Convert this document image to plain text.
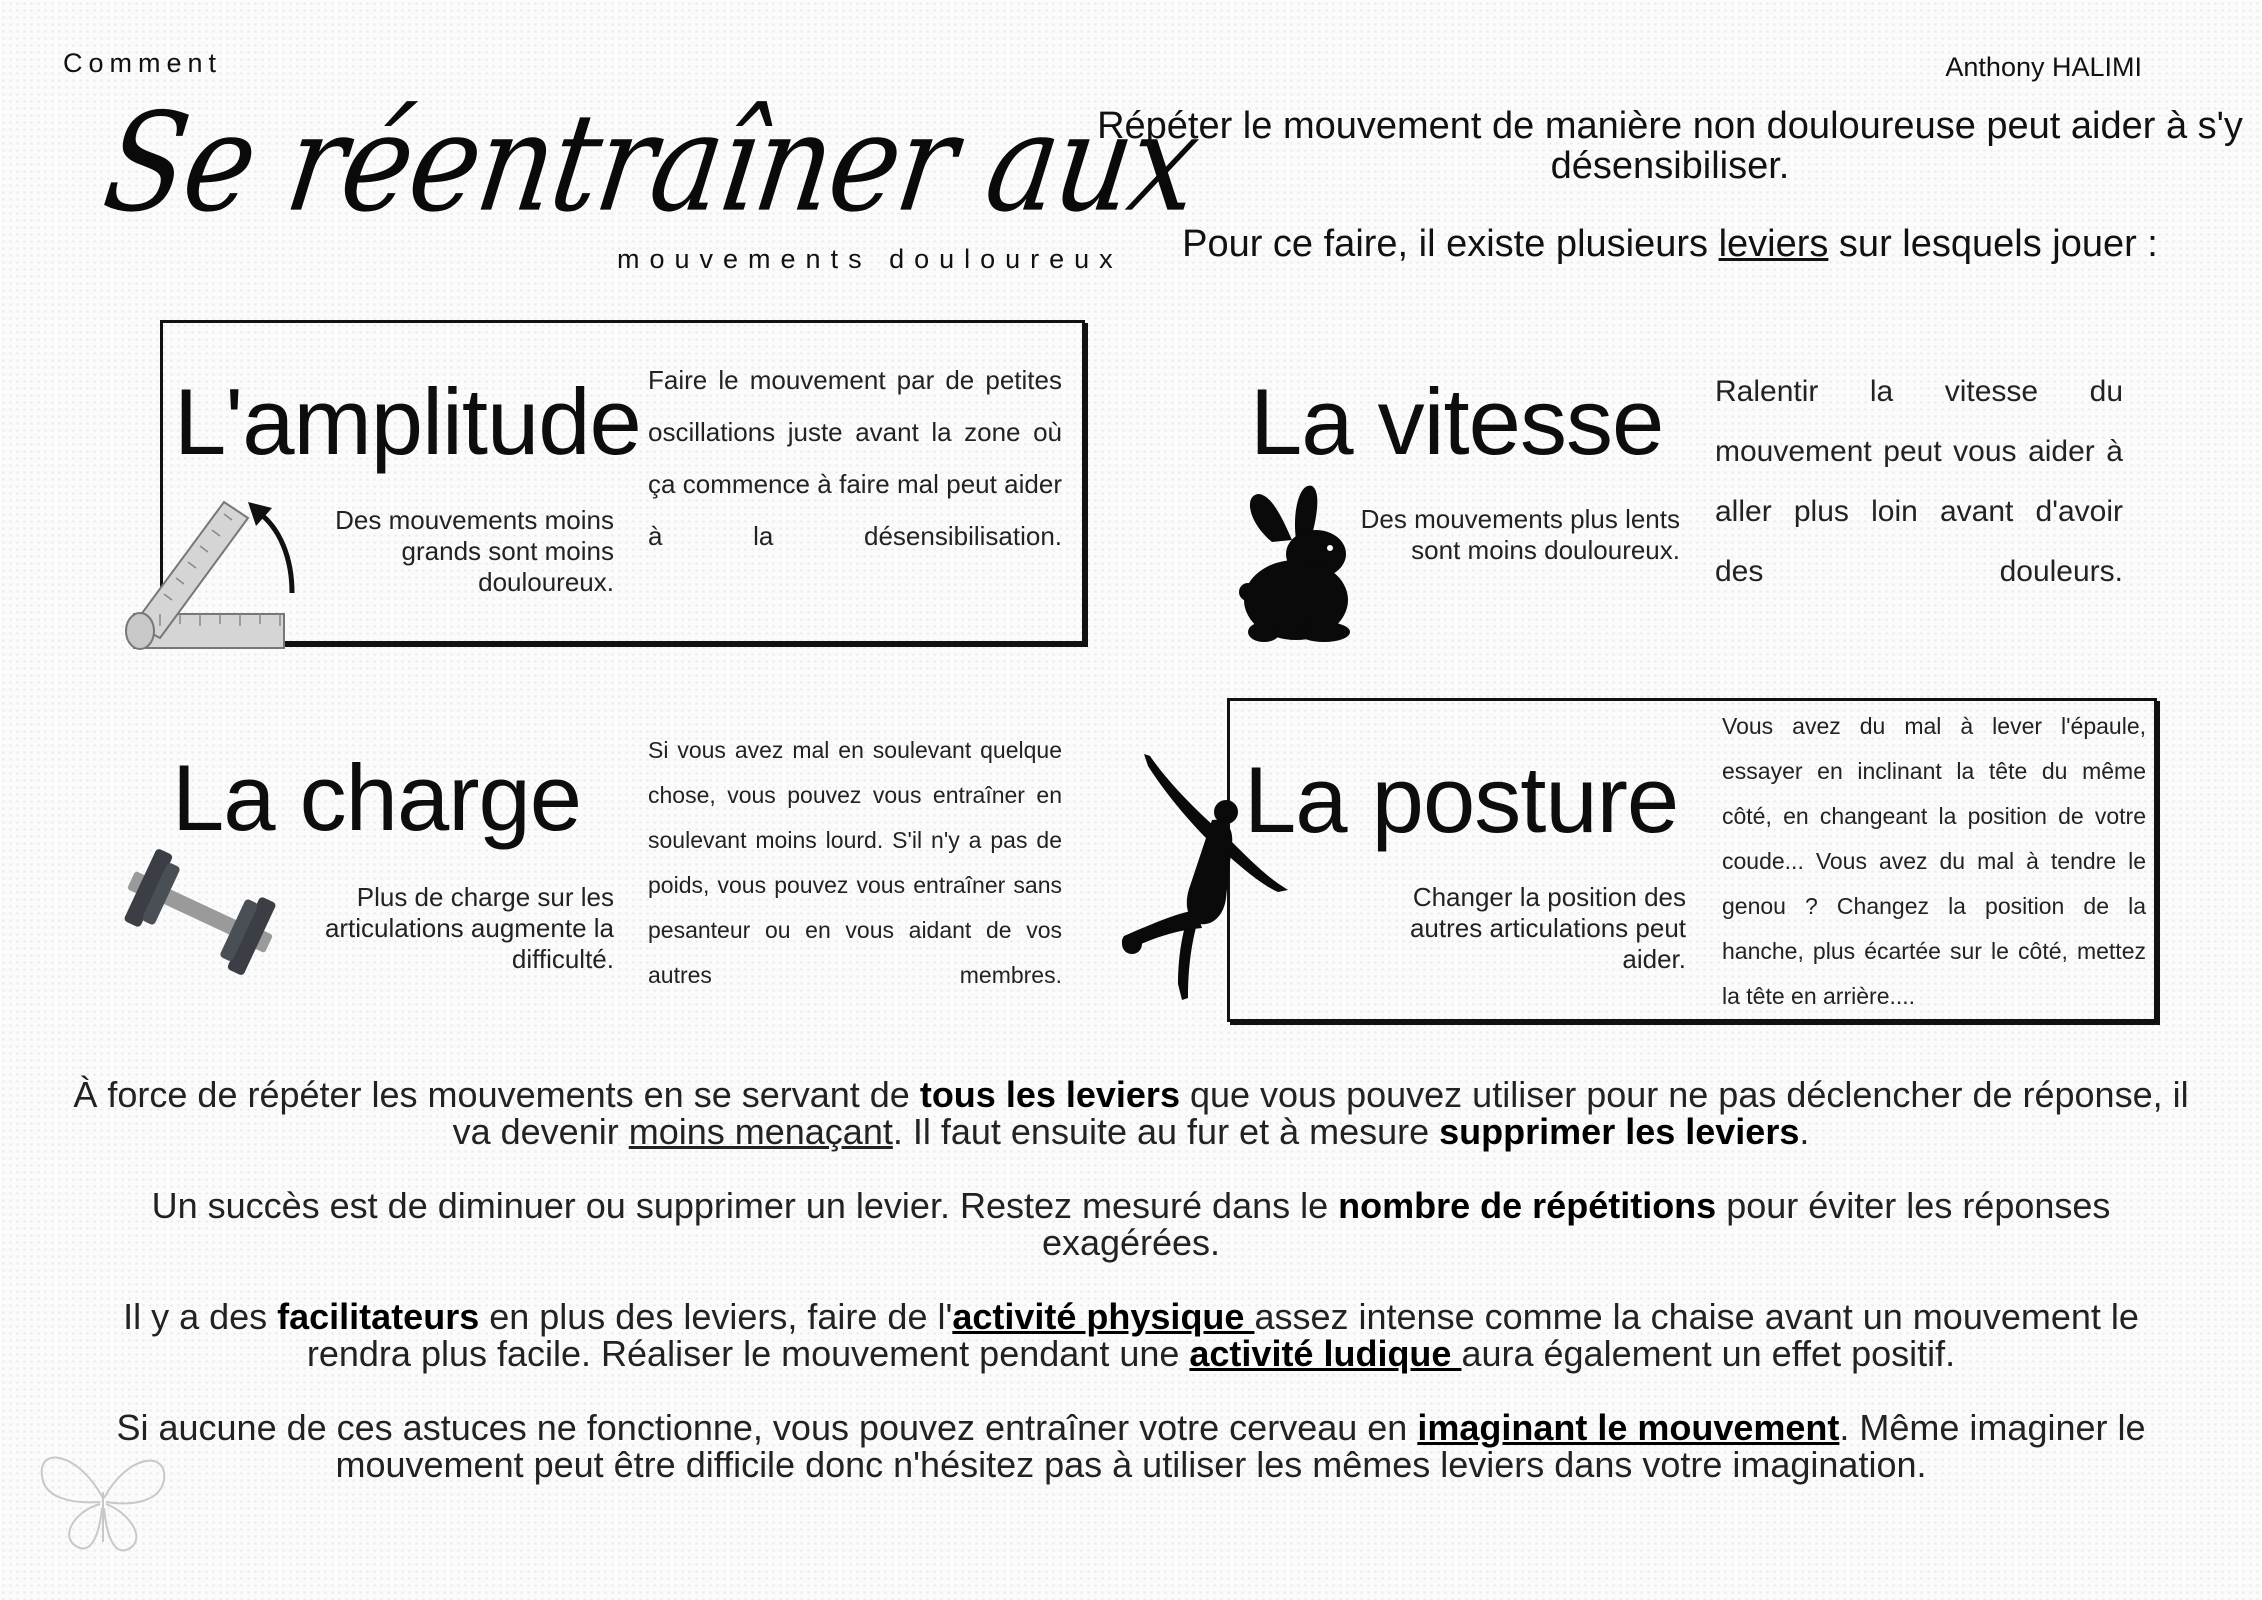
Comment	Anthony HALIMI
Se réentraîner aux
mouvements douloureux

Répéter le mouvement de manière non douloureuse peut aider à s'y désensibiliser.

Pour ce faire, il existe plusieurs leviers sur lesquels jouer :

L'amplitude
Des mouvements moins grands sont moins douloureux.
Faire le mouvement par de petites oscillations juste avant la zone où ça commence à faire mal peut aider à la désensibilisation.
La vitesse
Des mouvements plus lents sont moins douloureux.
Ralentir la vitesse du mouvement peut vous aider à aller plus loin avant d'avoir des douleurs.
La charge
Plus de charge sur les articulations augmente la difficulté.
Si vous avez mal en soulevant quelque chose, vous pouvez vous entraîner en soulevant moins lourd. S'il n'y a pas de poids, vous pouvez vous entraîner sans pesanteur ou en vous aidant de vos autres membres.
La posture
Changer la position des autres articulations peut aider.
Vous avez du mal à lever l'épaule, essayer en inclinant la tête du même côté, en changeant la position de votre coude... Vous avez du mal à tendre le genou ? Changez la position de la hanche, plus écartée sur le côté, mettez la tête en arrière....

À force de répéter les mouvements en se servant de tous les leviers que vous pouvez utiliser pour ne pas déclencher de réponse, il va devenir moins menaçant. Il faut ensuite au fur et à mesure supprimer les leviers.

Un succès est de diminuer ou supprimer un levier. Restez mesuré dans le nombre de répétitions pour éviter les réponses exagérées.

Il y a des facilitateurs en plus des leviers, faire de l'activité physique assez intense comme la chaise avant un mouvement le rendra plus facile. Réaliser le mouvement pendant une activité ludique aura également un effet positif.

Si aucune de ces astuces ne fonctionne, vous pouvez entraîner votre cerveau en imaginant le mouvement. Même imaginer le mouvement peut être difficile donc n'hésitez pas à utiliser les mêmes leviers dans votre imagination.
